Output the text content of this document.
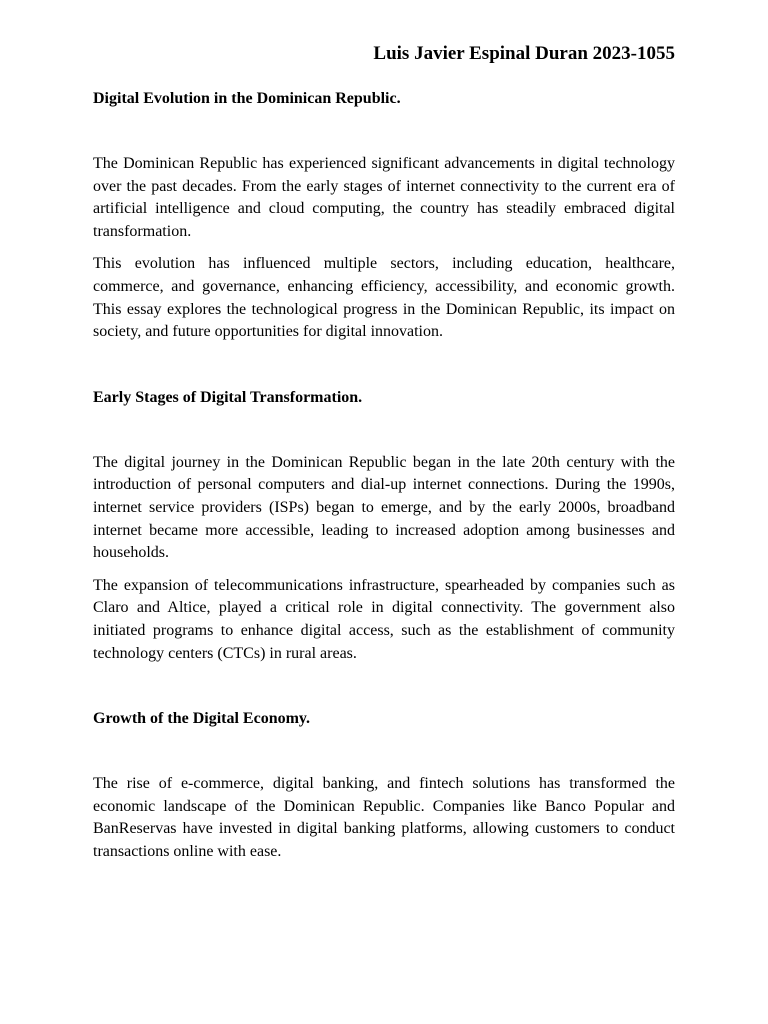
Luis Javier Espinal Duran 2023-1055

Digital Evolution in the Dominican Republic.

The Dominican Republic has experienced significant advancements in digital technology over the past decades. From the early stages of internet connectivity to the current era of artificial intelligence and cloud computing, the country has steadily embraced digital transformation.

This evolution has influenced multiple sectors, including education, healthcare, commerce, and governance, enhancing efficiency, accessibility, and economic growth. This essay explores the technological progress in the Dominican Republic, its impact on society, and future opportunities for digital innovation.

Early Stages of Digital Transformation.

The digital journey in the Dominican Republic began in the late 20th century with the introduction of personal computers and dial-up internet connections. During the 1990s, internet service providers (ISPs) began to emerge, and by the early 2000s, broadband internet became more accessible, leading to increased adoption among businesses and households.

The expansion of telecommunications infrastructure, spearheaded by companies such as Claro and Altice, played a critical role in digital connectivity. The government also initiated programs to enhance digital access, such as the establishment of community technology centers (CTCs) in rural areas.

Growth of the Digital Economy.

The rise of e-commerce, digital banking, and fintech solutions has transformed the economic landscape of the Dominican Republic. Companies like Banco Popular and BanReservas have invested in digital banking platforms, allowing customers to conduct transactions online with ease.
